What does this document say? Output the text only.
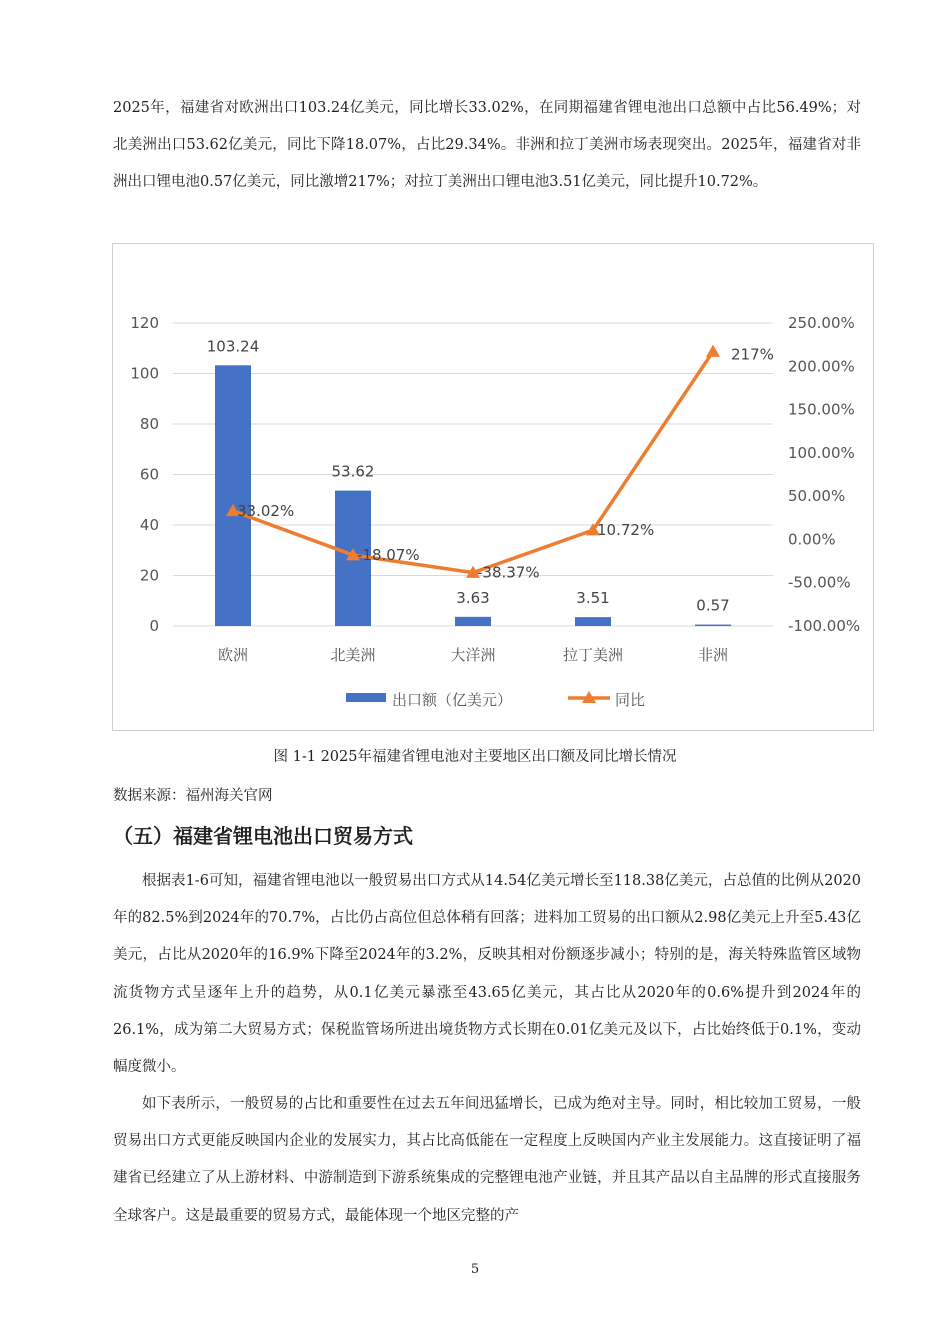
2025年，福建省对欧洲出口103.24亿美元，同比增长33.02%，在同期福建省锂电池出口总额中占比56.49%；对北美洲出口53.62亿美元，同比下降18.07%，占比29.34%。非洲和拉丁美洲市场表现突出。2025年，福建省对非洲出口锂电池0.57亿美元，同比激增217%；对拉丁美洲出口锂电池3.51亿美元，同比提升10.72%。

0
20
40
60
80
100
120
-100.00%
-50.00%
0.00%
50.00%
100.00%
150.00%
200.00%
250.00%
103.24
53.62
3.63	3.51	0.57
欧洲	北美洲	大洋洲	拉丁美洲	非洲
33.02%
-18.07%
-38.37%
10.72%
217%
出口额（亿美元）	同比
图 1-1 2025年福建省锂电池对主要地区出口额及同比增长情况
数据来源：福州海关官网
（五）福建省锂电池出口贸易方式

根据表1-6可知，福建省锂电池以一般贸易出口方式从14.54亿美元增长至118.38亿美元，占总值的比例从2020年的82.5%到2024年的70.7%，占比仍占高位但总体稍有回落；进料加工贸易的出口额从2.98亿美元上升至5.43亿美元，占比从2020年的16.9%下降至2024年的3.2%，反映其相对份额逐步减小；特别的是，海关特殊监管区域物流货物方式呈逐年上升的趋势，从0.1亿美元暴涨至43.65亿美元，其占比从2020年的0.6%提升到2024年的26.1%，成为第二大贸易方式；保税监管场所进出境货物方式长期在0.01亿美元及以下，占比始终低于0.1%，变动幅度微小。

如下表所示，一般贸易的占比和重要性在过去五年间迅猛增长，已成为绝对主导。同时，相比较加工贸易，一般贸易出口方式更能反映国内企业的发展实力，其占比高低能在一定程度上反映国内产业主发展能力。这直接证明了福建省已经建立了从上游材料、中游制造到下游系统集成的完整锂电池产业链，并且其产品以自主品牌的形式直接服务全球客户。这是最重要的贸易方式，最能体现一个地区完整的产

5
